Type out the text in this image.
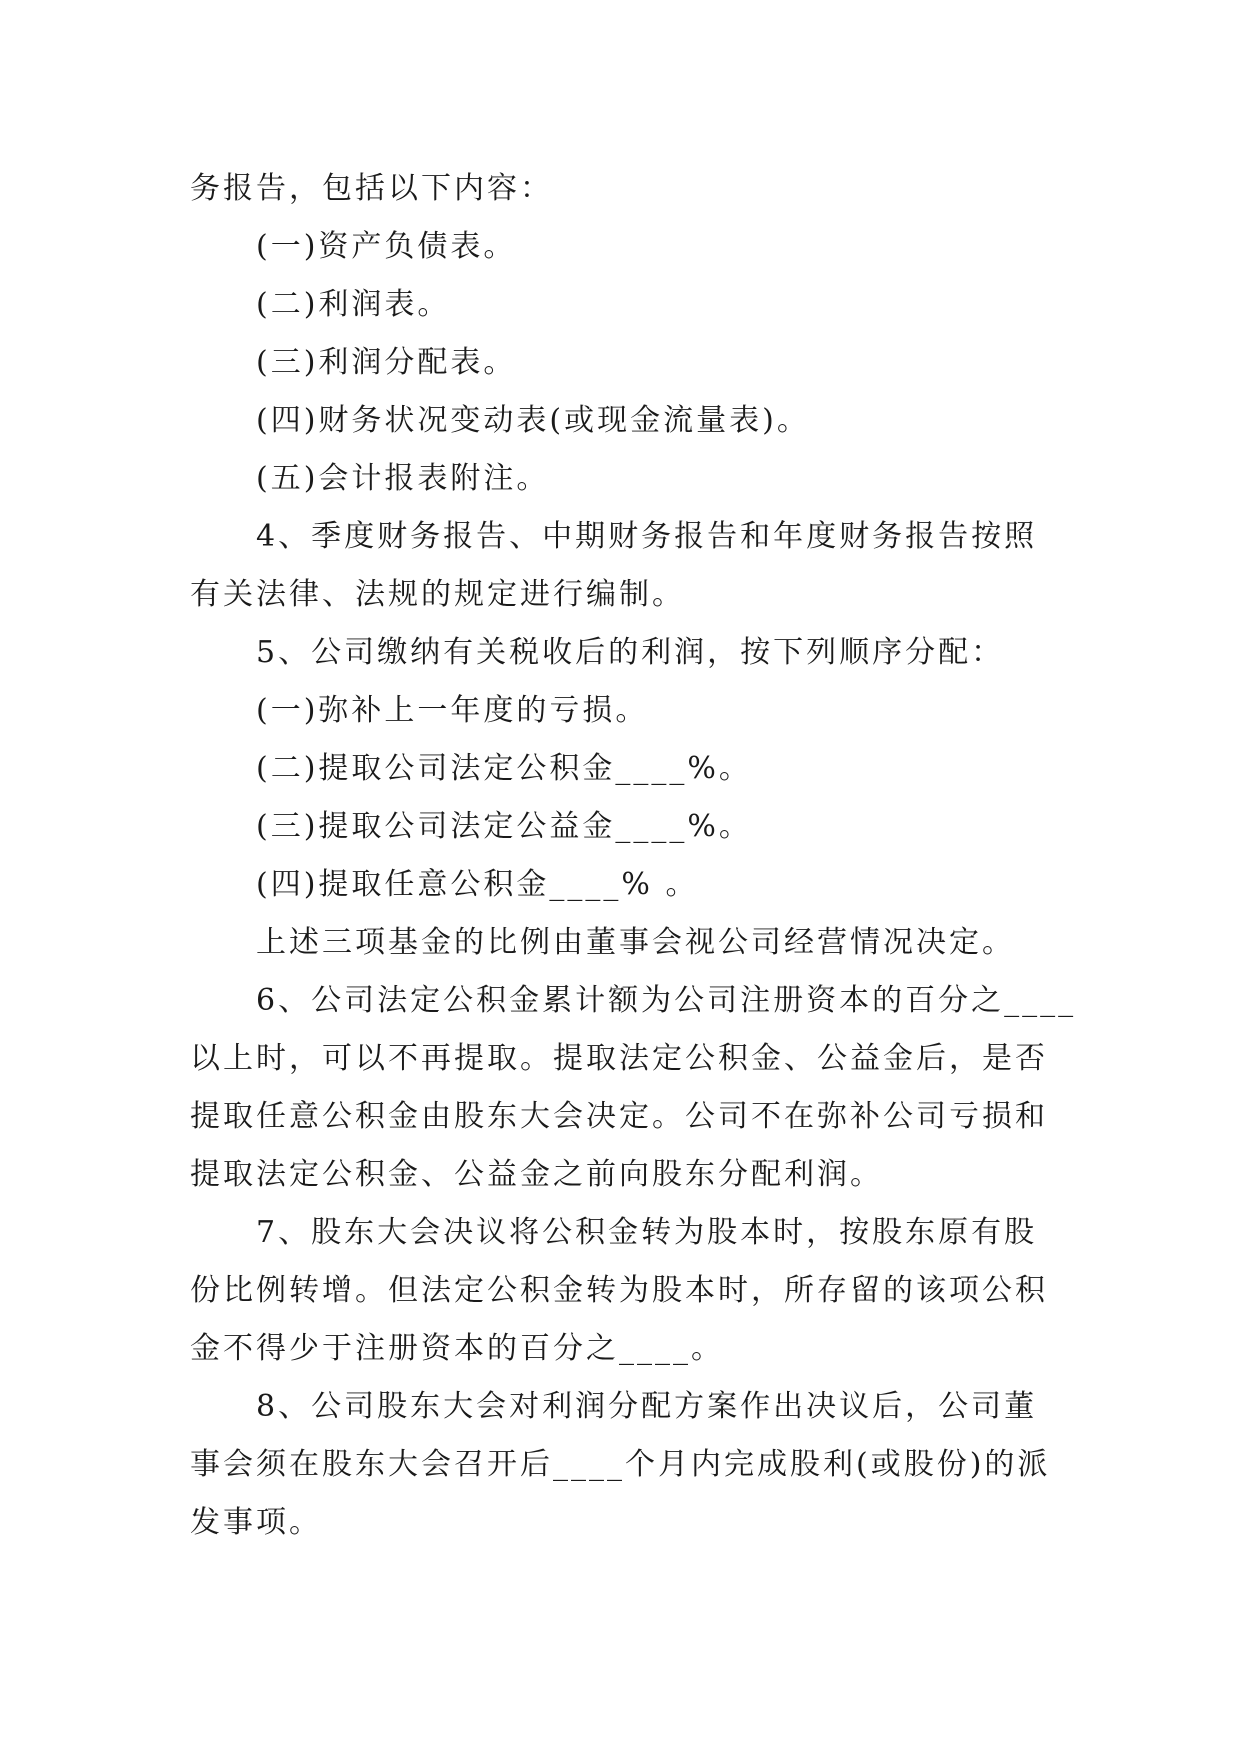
务报告，包括以下内容：
(一)资产负债表。
(二)利润表。
(三)利润分配表。
(四)财务状况变动表(或现金流量表)。
(五)会计报表附注。
4、季度财务报告、中期财务报告和年度财务报告按照
有关法律、法规的规定进行编制。
5、公司缴纳有关税收后的利润，按下列顺序分配：
(一)弥补上一年度的亏损。
(二)提取公司法定公积金____%。
(三)提取公司法定公益金____%。
(四)提取任意公积金____% 。
上述三项基金的比例由董事会视公司经营情况决定。
6、公司法定公积金累计额为公司注册资本的百分之____
以上时，可以不再提取。提取法定公积金、公益金后，是否
提取任意公积金由股东大会决定。公司不在弥补公司亏损和
提取法定公积金、公益金之前向股东分配利润。
7、股东大会决议将公积金转为股本时，按股东原有股
份比例转增。但法定公积金转为股本时，所存留的该项公积
金不得少于注册资本的百分之____。
8、公司股东大会对利润分配方案作出决议后，公司董
事会须在股东大会召开后____个月内完成股利(或股份)的派
发事项。
